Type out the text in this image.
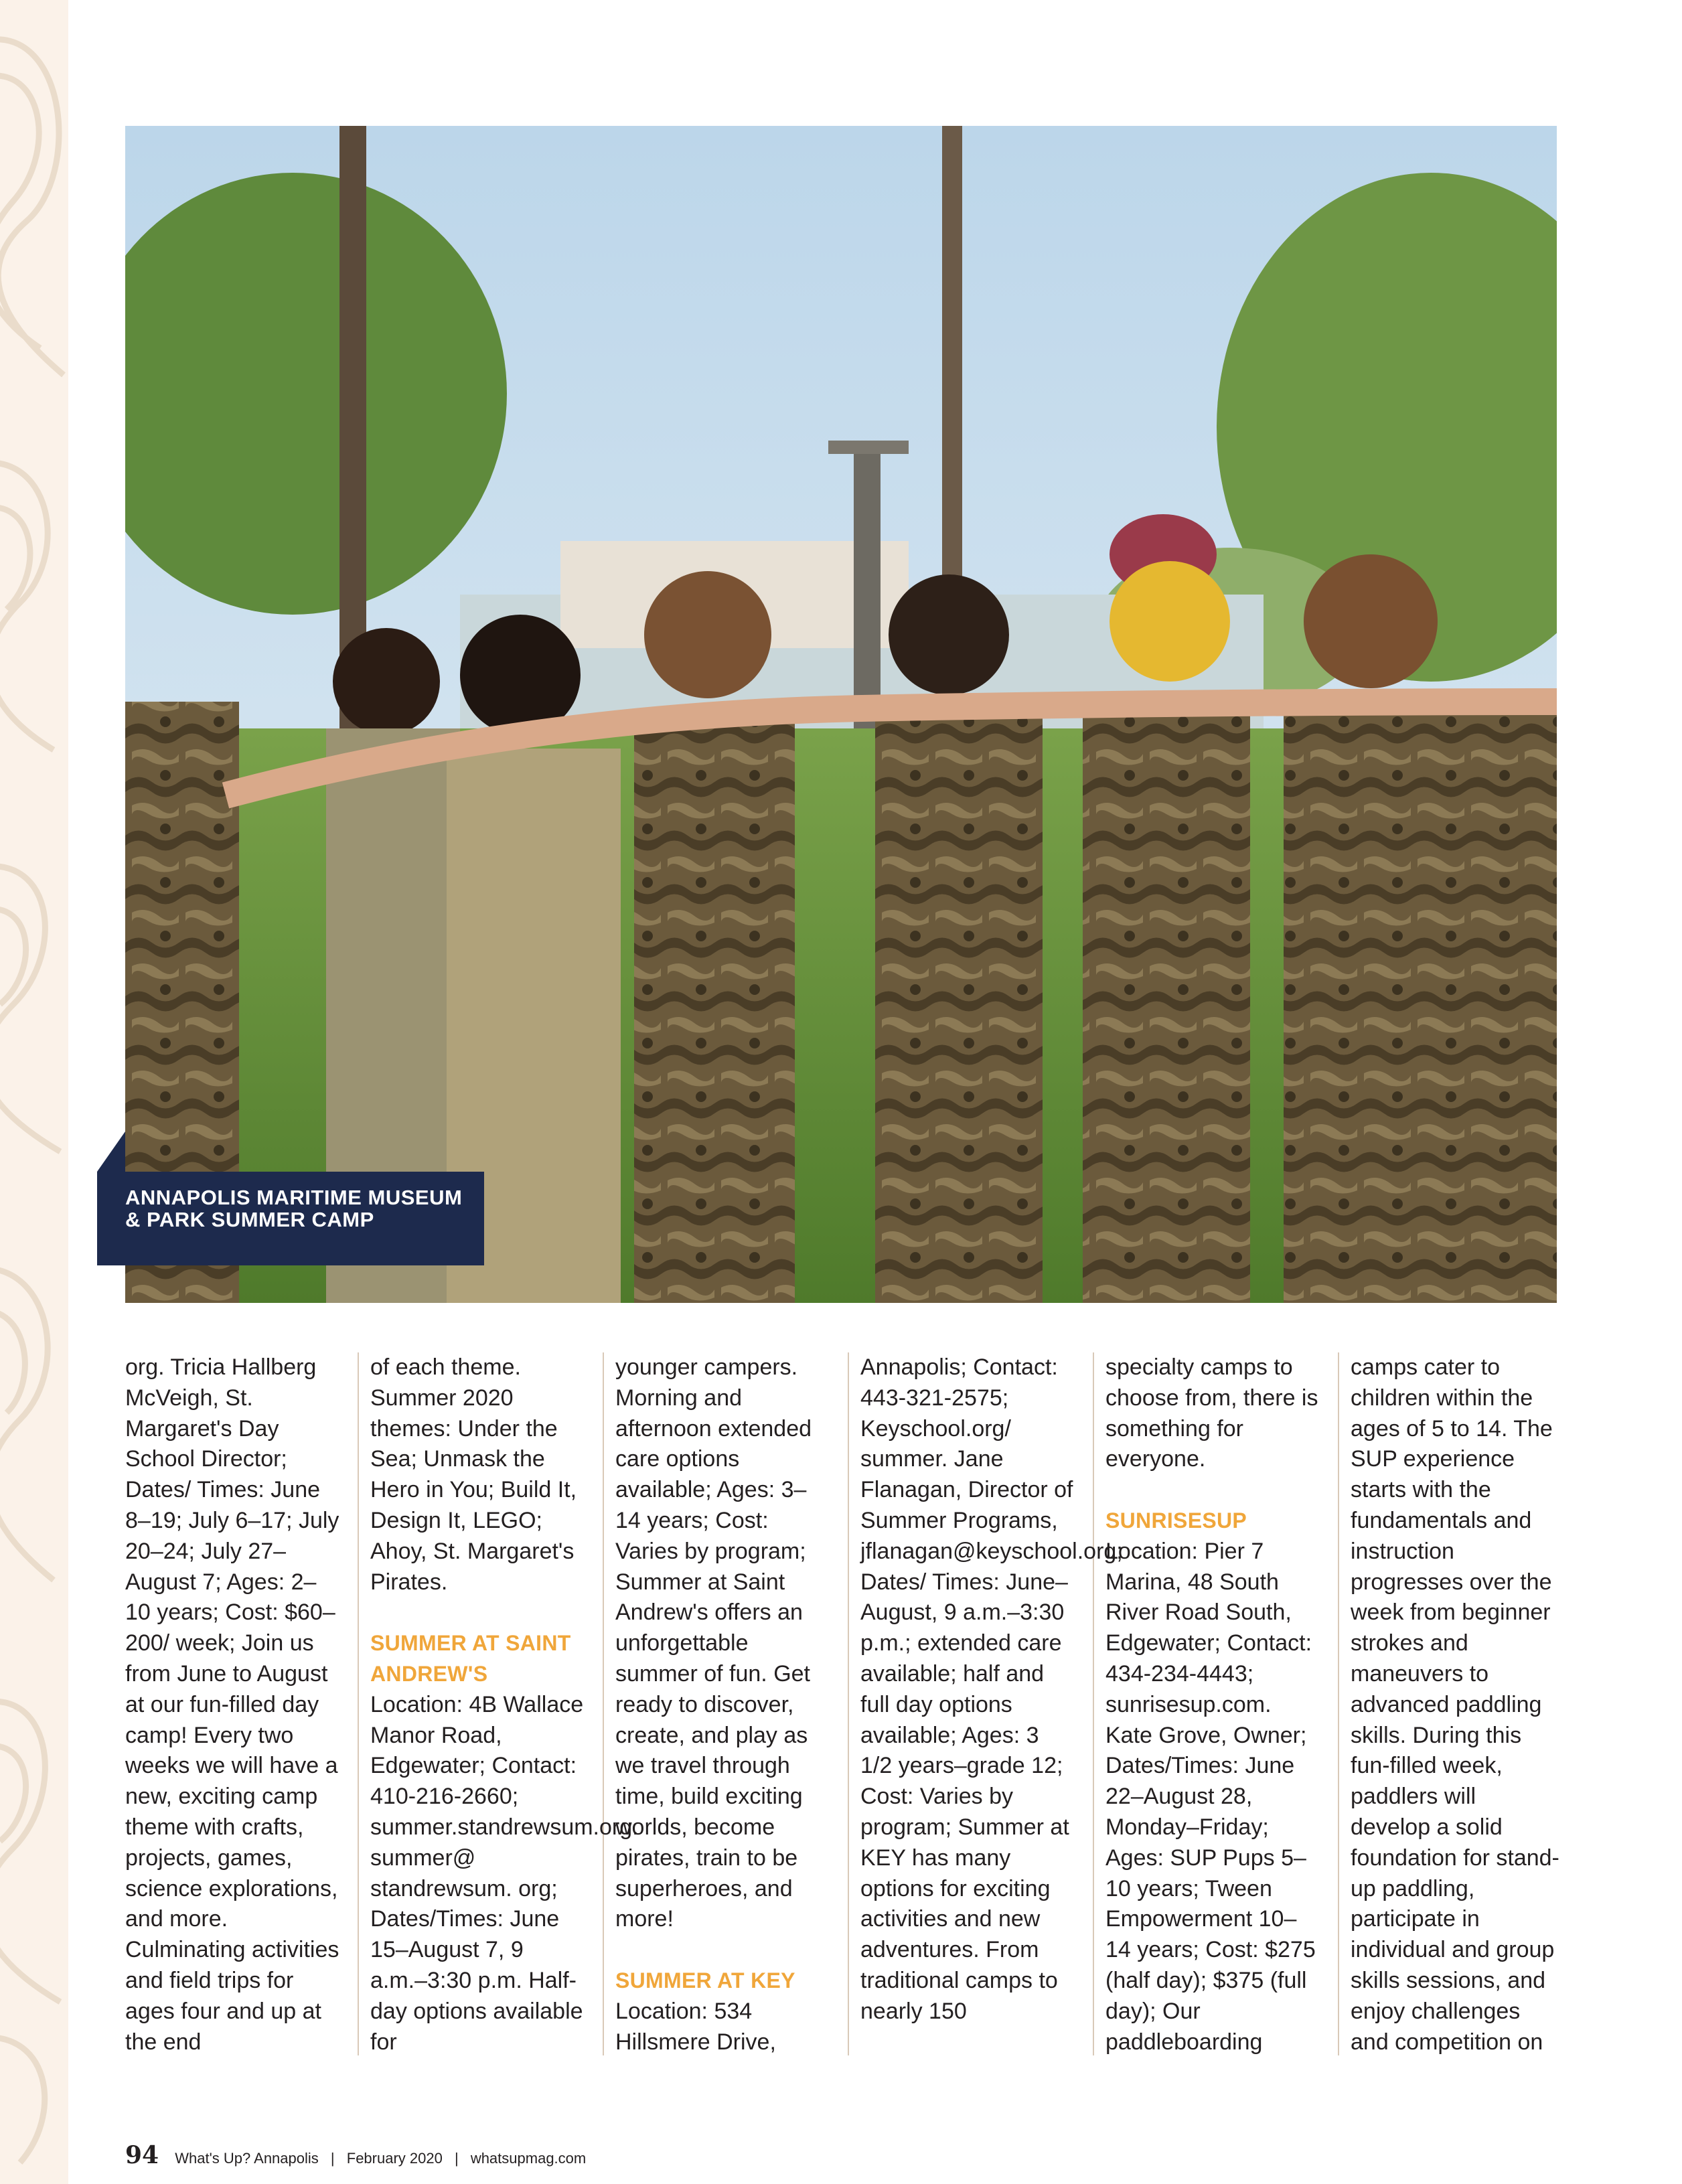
ANNAPOLIS MARITIME MUSEUM & PARK SUMMER CAMP

org. Tricia Hallberg McVeigh, St. Margaret's Day School Director; Dates/ Times: June 8–19; July 6–17; July 20–24; July 27–August 7; Ages: 2–10 years; Cost: $60–200/ week; Join us from June to August at our fun-filled day camp! Every two weeks we will have a new, exciting camp theme with crafts, projects, games, science explorations, and more. Culminating activities and field trips for ages four and up at the end

of each theme. Summer 2020 themes: Under the Sea; Unmask the Hero in You; Build It, Design It, LEGO; Ahoy, St. Margaret's Pirates.

SUMMER AT SAINT ANDREW'S

Location: 4B Wallace Manor Road, Edgewater; Contact: 410-216-2660; summer.standrewsum.org. summer@ standrewsum. org; Dates/Times: June 15–August 7, 9 a.m.–3:30 p.m. Half-day options available for

younger campers. Morning and afternoon extended care options available; Ages: 3–14 years; Cost: Varies by program; Summer at Saint Andrew's offers an unforgettable summer of fun. Get ready to discover, create, and play as we travel through time, build exciting worlds, become pirates, train to be superheroes, and more!

SUMMER AT KEY

Location: 534 Hillsmere Drive,

Annapolis; Contact: 443-321-2575; Keyschool.org/ summer. Jane Flanagan, Director of Summer Programs, jflanagan@keyschool.org; Dates/ Times: June–August, 9 a.m.–3:30 p.m.; extended care available; half and full day options available; Ages: 3 1/2 years–grade 12; Cost: Varies by program; Summer at KEY has many options for exciting activities and new adventures. From traditional camps to nearly 150

specialty camps to choose from, there is something for everyone.

SUNRISESUP

Location: Pier 7 Marina, 48 South River Road South, Edgewater; Contact: 434-234-4443; sunrisesup.com. Kate Grove, Owner; Dates/Times: June 22–August 28, Monday–Friday; Ages: SUP Pups 5–10 years; Tween Empowerment 10–14 years; Cost: $275 (half day); $375 (full day); Our paddleboarding

camps cater to children within the ages of 5 to 14. The SUP experience starts with the fundamentals and instruction progresses over the week from beginner strokes and maneuvers to advanced paddling skills. During this fun-filled week, paddlers will develop a solid foundation for stand-up paddling, participate in individual and group skills sessions, and enjoy challenges and competition on

94 What's Up? Annapolis | February 2020 | whatsupmag.com
